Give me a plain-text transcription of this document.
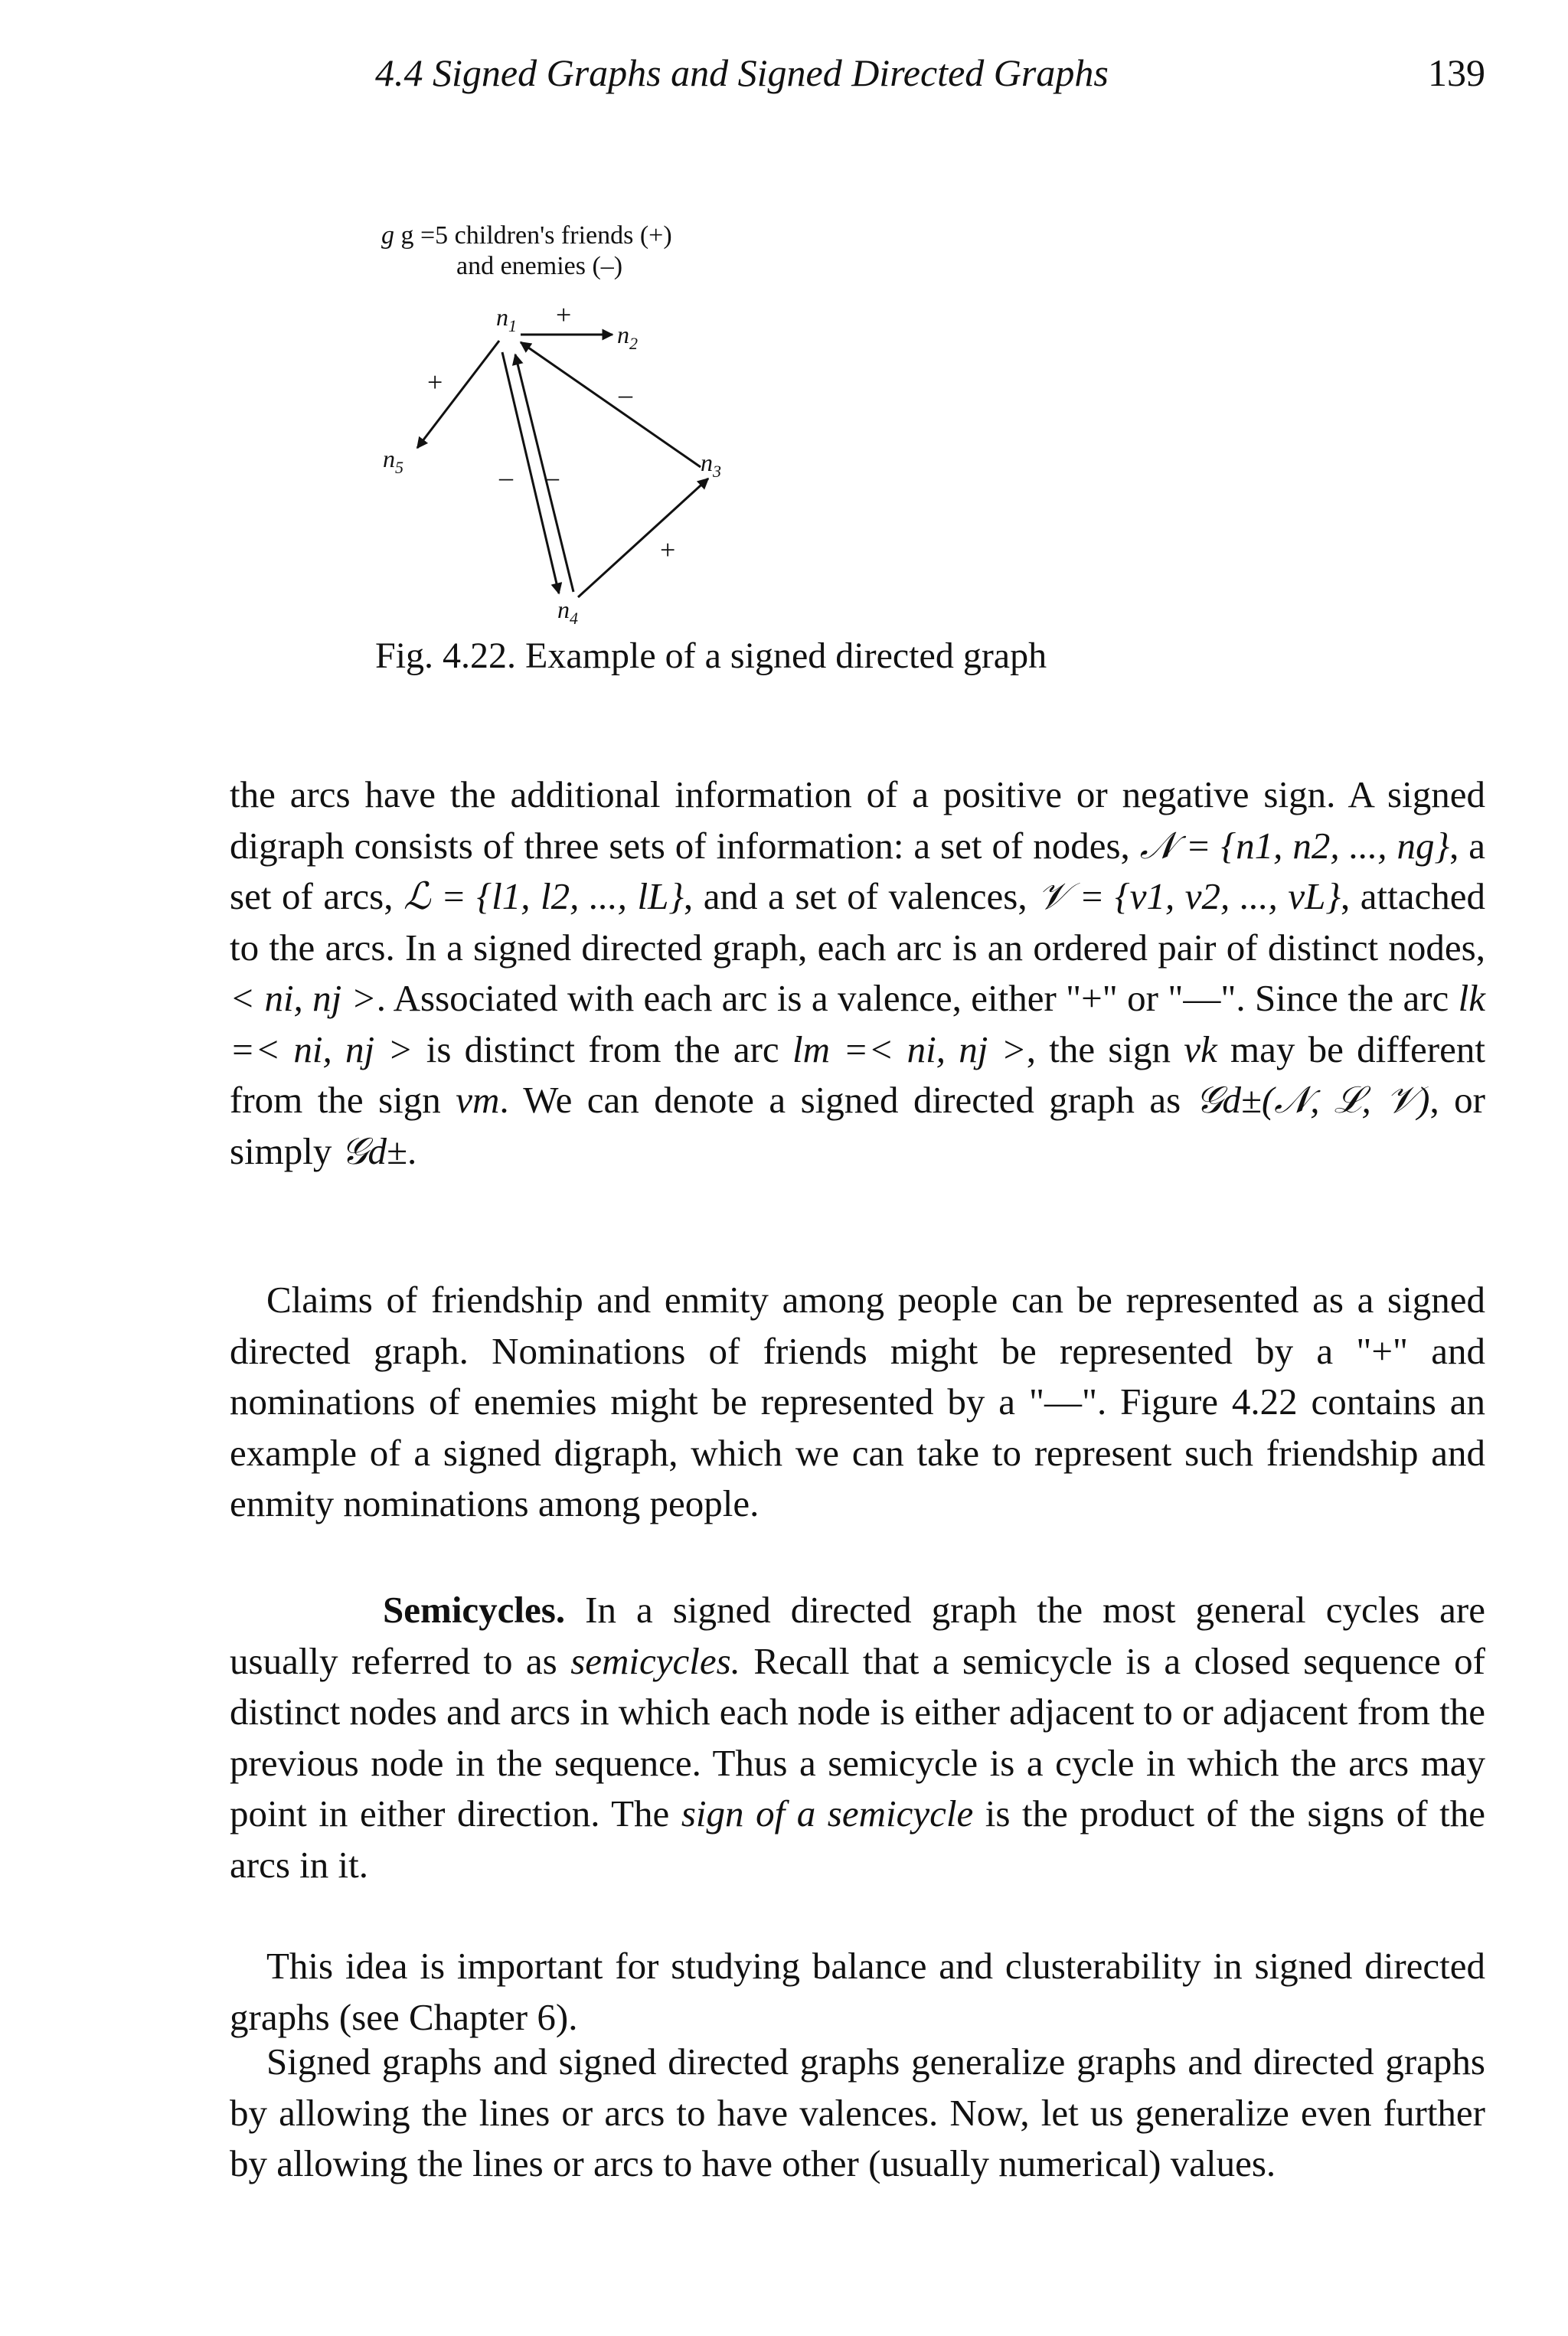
4.4 Signed Graphs and Signed Directed Graphs	139
g g =5 children's friends (+)
and enemies (–)
+
+	–
– –
+
$n_1$	$n_2$
$n_3$
$n_4$
$n_5$
Fig. 4.22. Example of a signed directed graph

the arcs have the additional information of a positive or negative sign. A signed digraph consists of three sets of information: a set of nodes, 𝒩 = {n1, n2, ..., ng}, a set of arcs, ℒ = {l1, l2, ..., lL}, and a set of valences, 𝒱 = {v1, v2, ..., vL}, attached to the arcs. In a signed directed graph, each arc is an ordered pair of distinct nodes, < ni, nj >. Associated with each arc is a valence, either "+" or "—". Since the arc lk =< ni, nj > is distinct from the arc lm =< ni, nj >, the sign vk may be different from the sign vm. We can denote a signed directed graph as 𝒢d±(𝒩, ℒ, 𝒱), or simply 𝒢d±.

Claims of friendship and enmity among people can be represented as a signed directed graph. Nominations of friends might be represented by a "+" and nominations of enemies might be represented by a "—". Figure 4.22 contains an example of a signed digraph, which we can take to represent such friendship and enmity nominations among people.

Semicycles. In a signed directed graph the most general cycles are usually referred to as semicycles. Recall that a semicycle is a closed sequence of distinct nodes and arcs in which each node is either adjacent to or adjacent from the previous node in the sequence. Thus a semicycle is a cycle in which the arcs may point in either direction. The sign of a semicycle is the product of the signs of the arcs in it.

This idea is important for studying balance and clusterability in signed directed graphs (see Chapter 6).

Signed graphs and signed directed graphs generalize graphs and directed graphs by allowing the lines or arcs to have valences. Now, let us generalize even further by allowing the lines or arcs to have other (usually numerical) values.
